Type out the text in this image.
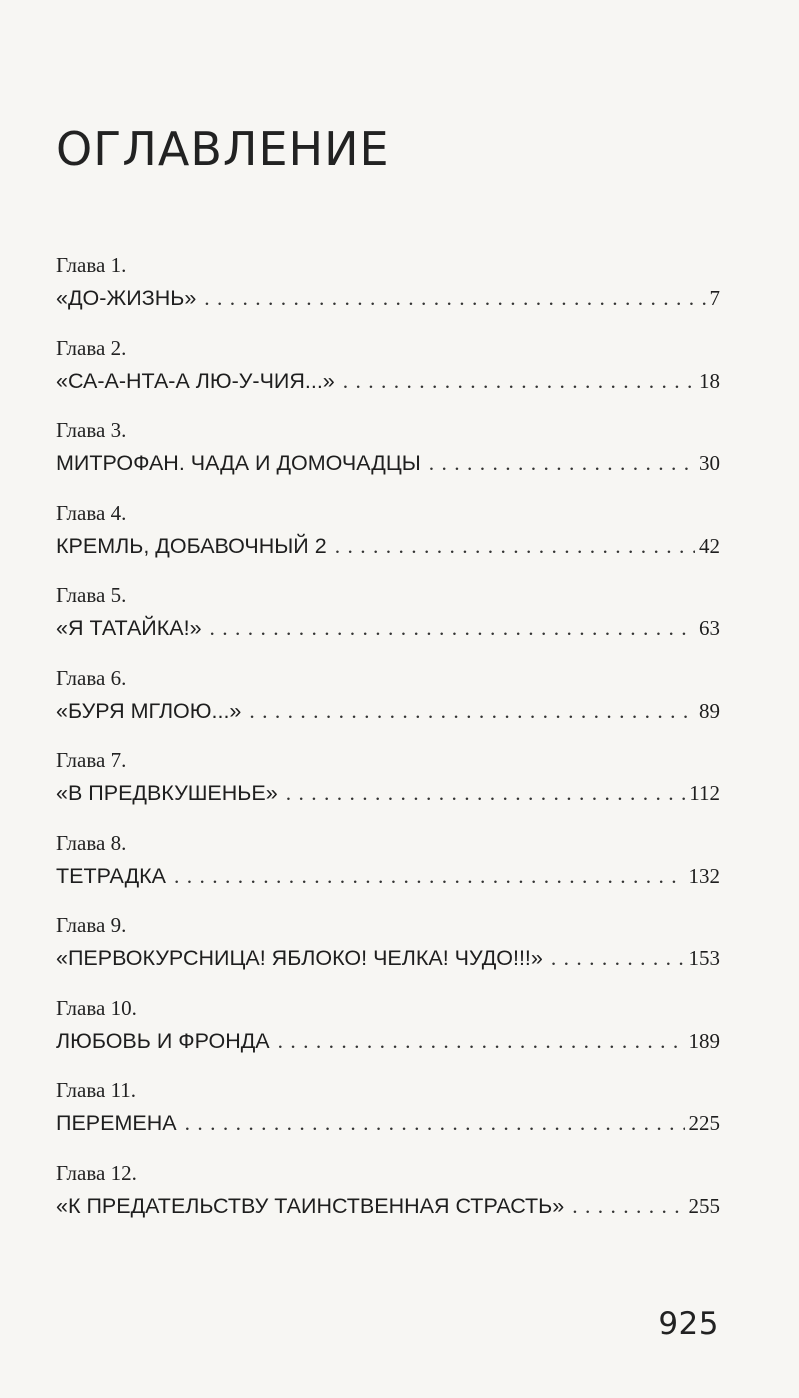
ОГЛАВЛЕНИЕ
Глава 1.
«ДО-ЖИЗНЬ» . . .	7
Глава 2.
«СА-А-НТА-А ЛЮ-У-ЧИЯ...» . . .	18
Глава 3.
МИТРОФАН. ЧАДА И ДОМОЧАДЦЫ . . .	30
Глава 4.
КРЕМЛЬ, ДОБАВОЧНЫЙ 2 . . .	42
Глава 5.
«Я ТАТАЙКА!» . . .	63
Глава 6.
«БУРЯ МГЛОЮ...» . . .	89
Глава 7.
«В ПРЕДВКУШЕНЬЕ» . . .	112
Глава 8.
ТЕТРАДКА . . .	132
Глава 9.
«ПЕРВОКУРСНИЦА! ЯБЛОКО! ЧЕЛКА! ЧУДО!!!» . . .	153
Глава 10.
ЛЮБОВЬ И ФРОНДА . . .	189
Глава 11.
ПЕРЕМЕНА . . .	225
Глава 12.
«К ПРЕДАТЕЛЬСТВУ ТАИНСТВЕННАЯ СТРАСТЬ» . . .	255
925
